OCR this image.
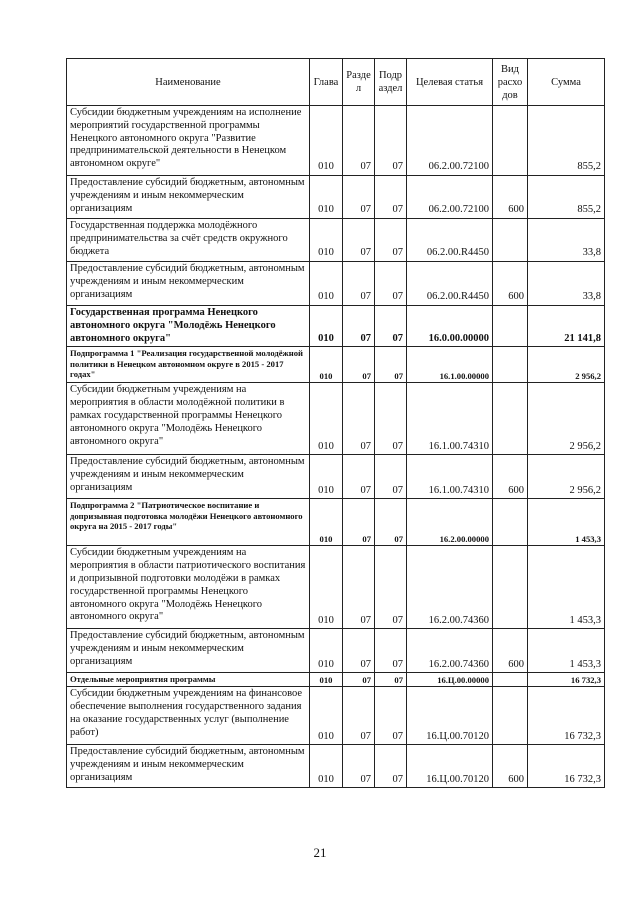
Наименование	Глава	Разде л	Подр аздел	Целевая статья	Вид расхо дов	Сумма
Субсидии бюджетным учреждениям на исполнение мероприятий государственной программы Ненецкого автономного округа "Развитие предпринимательской деятельности в Ненецком автономном округе"	010	07	07	06.2.00.72100		855,2
Предоставление субсидий бюджетным, автономным учреждениям и иным некоммерческим организациям	010	07	07	06.2.00.72100	600	855,2
Государственная поддержка молодёжного предпринимательства за счёт средств окружного бюджета	010	07	07	06.2.00.R4450		33,8
Предоставление субсидий бюджетным, автономным учреждениям и иным некоммерческим организациям	010	07	07	06.2.00.R4450	600	33,8
Государственная программа Ненецкого автономного округа "Молодёжь Ненецкого автономного округа"	010	07	07	16.0.00.00000		21 141,8
Подпрограмма 1 "Реализация государственной молодёжной политики в Ненецком автономном округе в 2015 - 2017 годах"	010	07	07	16.1.00.00000		2 956,2
Субсидии бюджетным учреждениям на мероприятия в области молодёжной политики в рамках государственной программы Ненецкого автономного округа "Молодёжь Ненецкого автономного округа"	010	07	07	16.1.00.74310		2 956,2
Предоставление субсидий бюджетным, автономным учреждениям и иным некоммерческим организациям	010	07	07	16.1.00.74310	600	2 956,2
Подпрограмма 2 "Патриотическое воспитание и допризывная подготовка молодёжи Ненецкого автономного округа на 2015 - 2017 годы"	010	07	07	16.2.00.00000		1 453,3
Субсидии бюджетным учреждениям на мероприятия в области патриотического воспитания и допризывной подготовки молодёжи в рамках государственной программы Ненецкого автономного округа "Молодёжь Ненецкого автономного округа"	010	07	07	16.2.00.74360		1 453,3
Предоставление субсидий бюджетным, автономным учреждениям и иным некоммерческим организациям	010	07	07	16.2.00.74360	600	1 453,3
Отдельные мероприятия программы	010	07	07	16.Ц.00.00000		16 732,3
Субсидии бюджетным учреждениям на финансовое обеспечение выполнения государственного задания на оказание государственных услуг (выполнение работ)	010	07	07	16.Ц.00.70120		16 732,3
Предоставление субсидий бюджетным, автономным учреждениям и иным некоммерческим организациям	010	07	07	16.Ц.00.70120	600	16 732,3
21
